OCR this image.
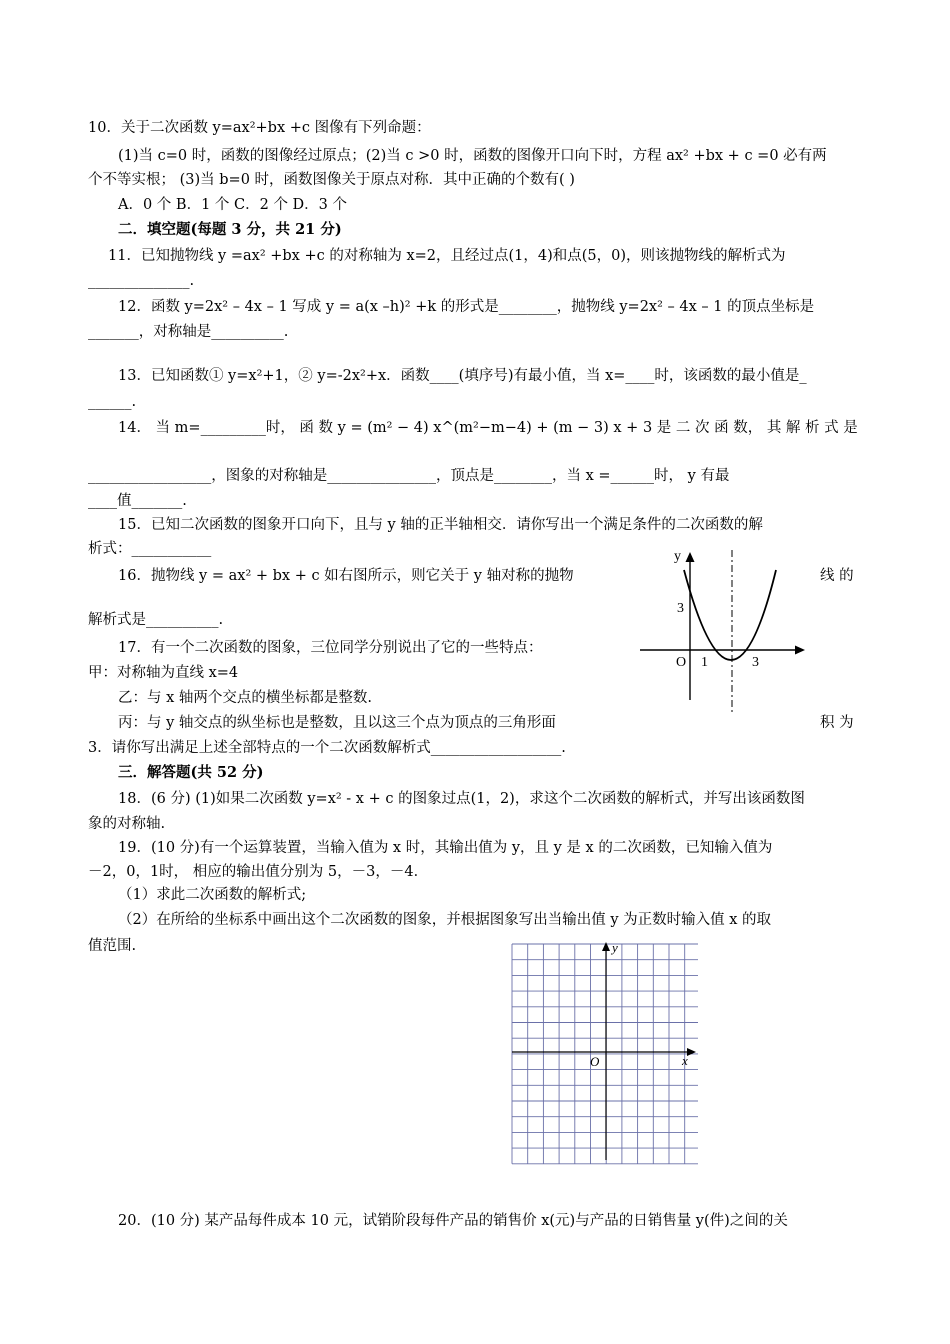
10．关于二次函数 y=ax²+bx +c 图像有下列命题：
(1)当 c=0 时，函数的图像经过原点；(2)当 c >0 时，函数的图像开口向下时，方程 ax² +bx + c =0 必有两
个不等实根； (3)当 b=0 时，函数图像关于原点对称．其中正确的个数有( )
A．0 个 B．1 个 C．2 个 D．3 个
二．填空题(每题 3 分，共 21 分)
11．已知抛物线 y =ax² +bx +c 的对称轴为 x=2，且经过点(1，4)和点(5，0)，则该抛物线的解析式为
______________.
12．函数 y=2x² – 4x – 1 写成 y = a(x –h)² +k 的形式是________，抛物线 y=2x² – 4x – 1 的顶点坐标是
_______，对称轴是__________.
13．已知函数① y=x²+1，② y=-2x²+x．函数____(填序号)有最小值，当 x=____时，该函数的最小值是_
______.
14． 当 m=_________时， 函 数 y = (m² − 4) x^(m²−m−4) + (m − 3) x + 3 是 二 次 函 数， 其 解 析 式 是
_________________，图象的对称轴是_______________，顶点是________，当 x =______时， y 有最
____值_______.
15．已知二次函数的图象开口向下，且与 y 轴的正半轴相交．请你写出一个满足条件的二次函数的解
析式：___________
16．抛物线 y = ax² + bx + c 如右图所示，则它关于 y 轴对称的抛物	线 的
解析式是__________.
17．有一个二次函数的图象，三位同学分别说出了它的一些特点：
甲：对称轴为直线 x=4
乙：与 x 轴两个交点的横坐标都是整数.
丙：与 y 轴交点的纵坐标也是整数，且以这三个点为顶点的三角形面	积 为
3．请你写出满足上述全部特点的一个二次函数解析式__________________.
三．解答题(共 52 分)
18．(6 分) (1)如果二次函数 y=x² - x + c 的图象过点(1，2)，求这个二次函数的解析式，并写出该函数图
象的对称轴.
19．(10 分)有一个运算装置，当输入值为 x 时，其输出值为 y，且 y 是 x 的二次函数，已知输入值为
－2，0，1时， 相应的输出值分别为 5，－3，－4．
（1）求此二次函数的解析式;
（2）在所给的坐标系中画出这个二次函数的图象，并根据图象写出当输出值 y 为正数时输入值 x 的取
值范围.
20．(10 分) 某产品每件成本 10 元，试销阶段每件产品的销售价 x(元)与产品的日销售量 y(件)之间的关
y
3
O 1	3
y
x
O
